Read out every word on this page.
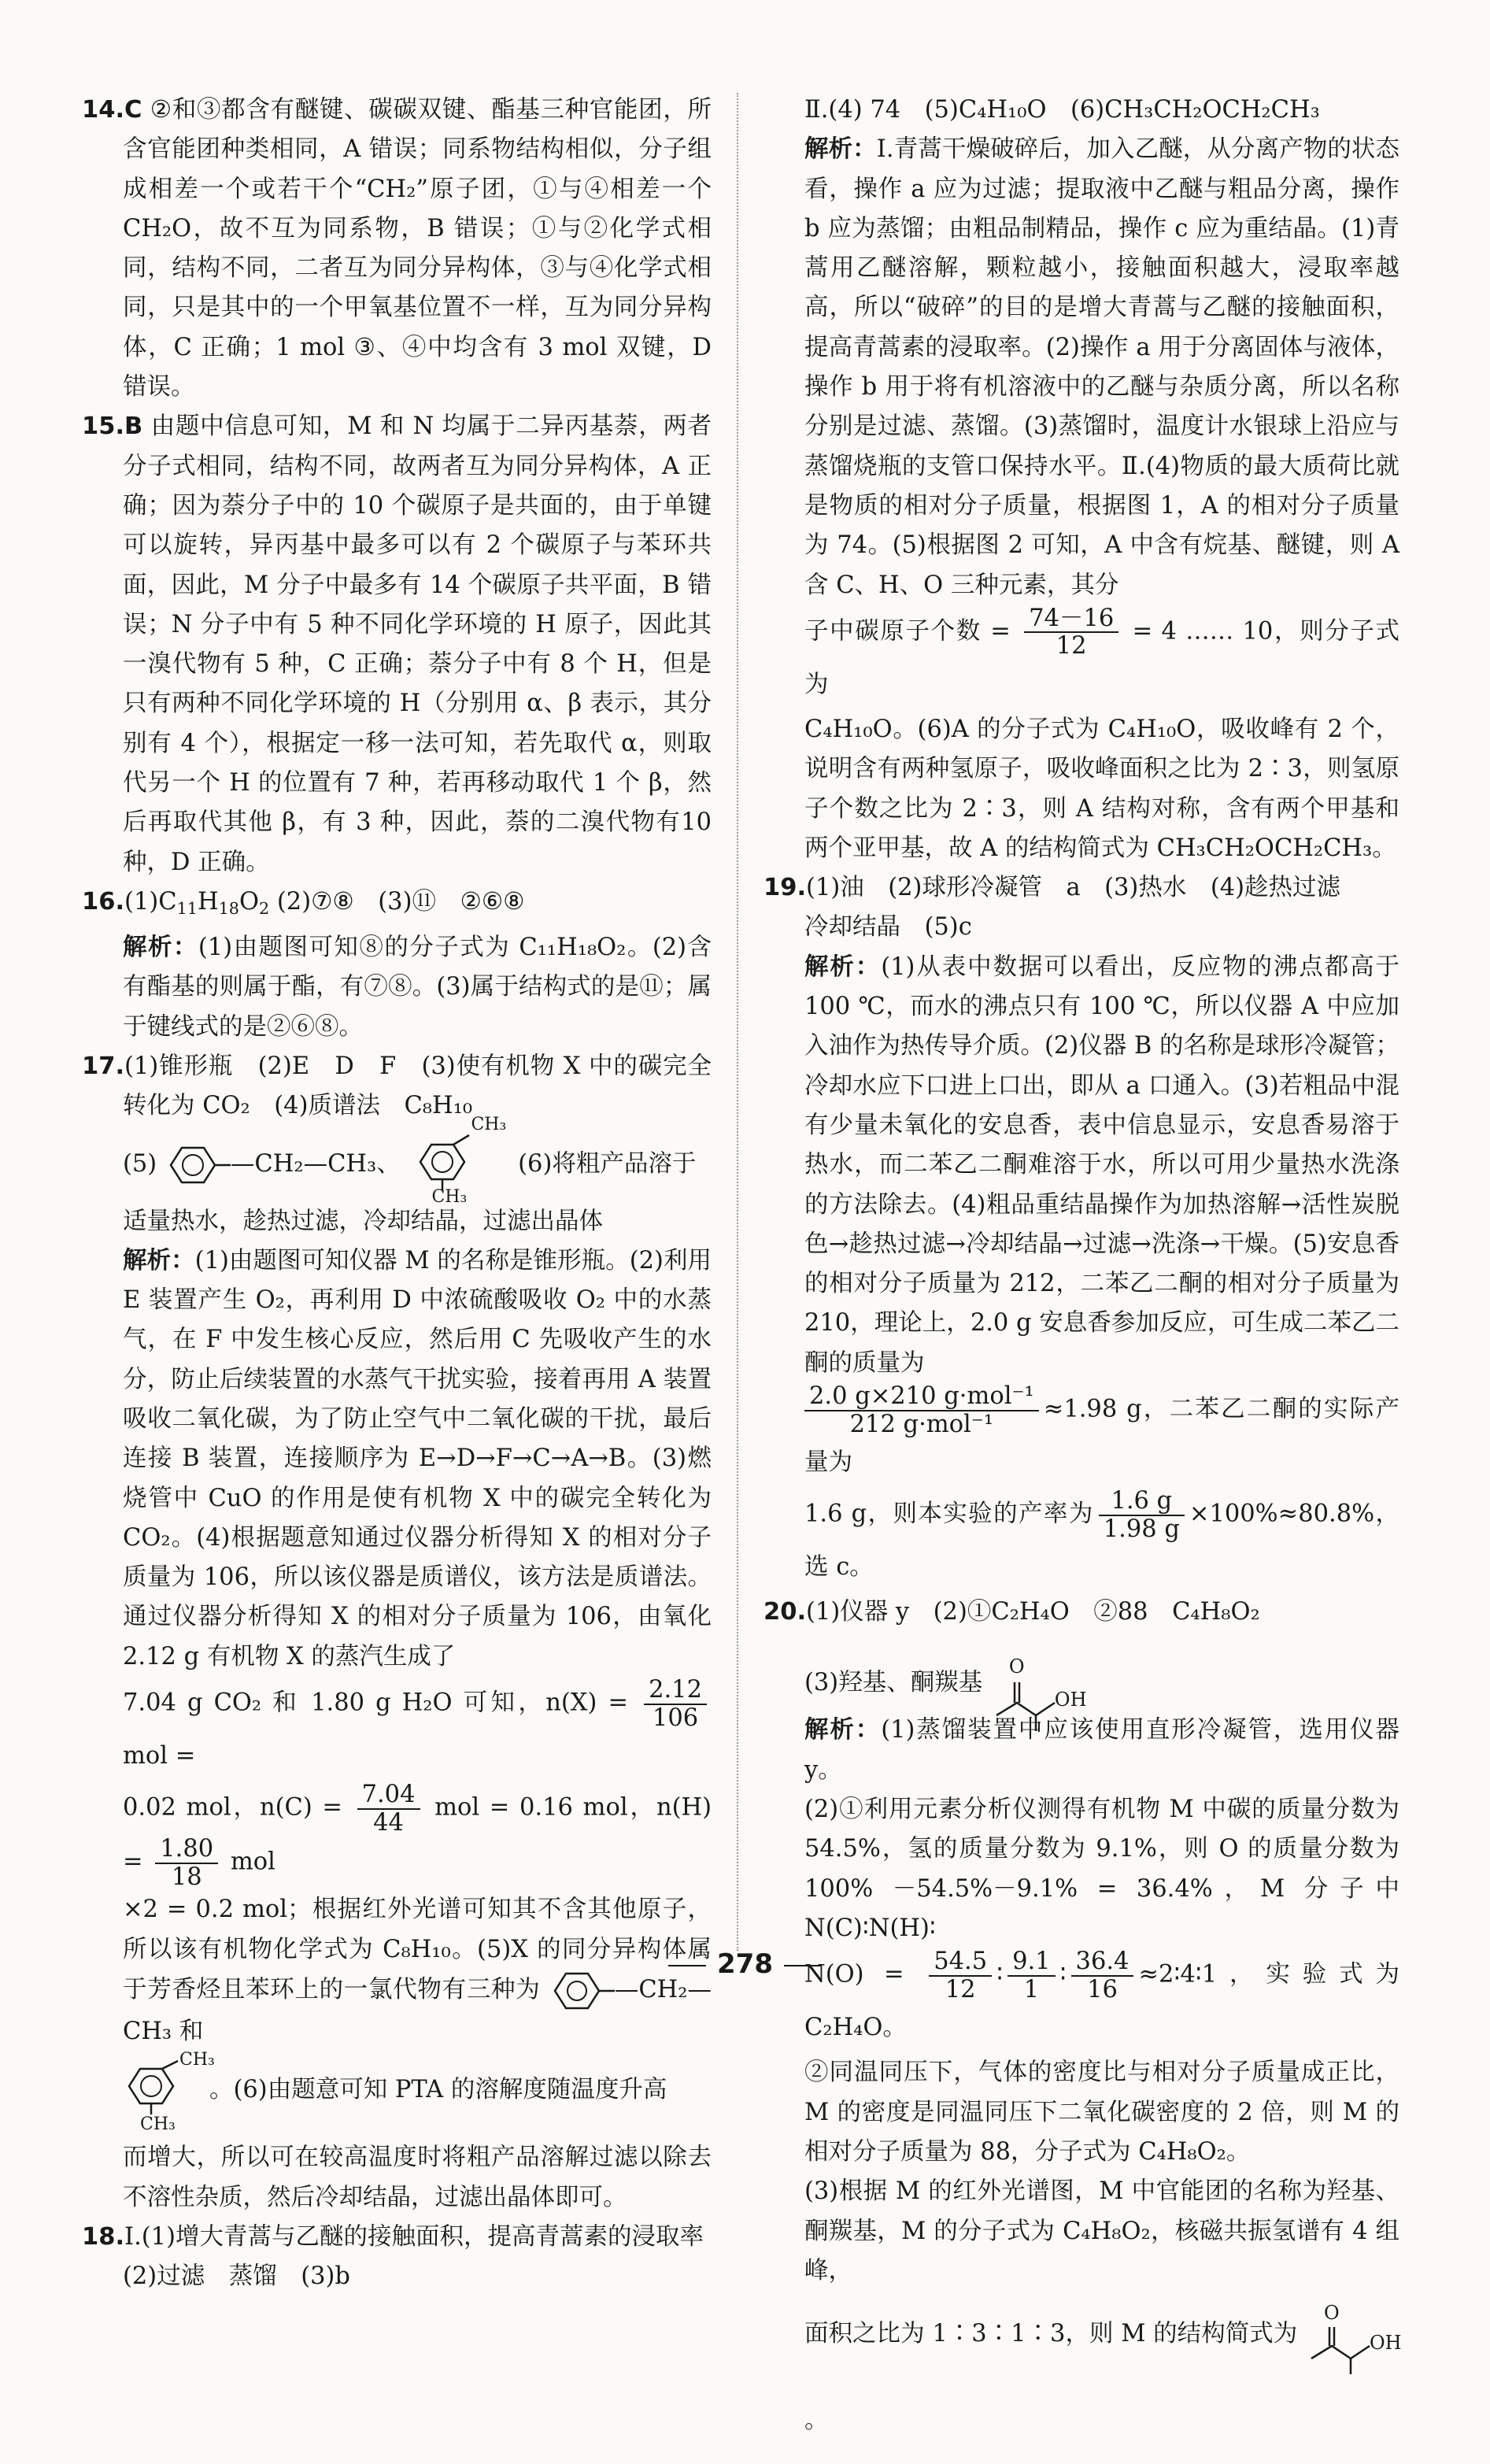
14.C ②和③都含有醚键、碳碳双键、酯基三种官能团，所含官能团种类相同，A 错误；同系物结构相似，分子组成相差一个或若干个“CH₂”原子团，①与④相差一个 CH₂O，故不互为同系物，B 错误；①与②化学式相同，结构不同，二者互为同分异构体，③与④化学式相同，只是其中的一个甲氧基位置不一样，互为同分异构体，C 正确；1 mol ③、④中均含有 3 mol 双键，D 错误。
15.B 由题中信息可知，M 和 N 均属于二异丙基萘，两者分子式相同，结构不同，故两者互为同分异构体，A 正确；因为萘分子中的 10 个碳原子是共面的，由于单键可以旋转，异丙基中最多可以有 2 个碳原子与苯环共面，因此，M 分子中最多有 14 个碳原子共平面，B 错误；N 分子中有 5 种不同化学环境的 H 原子，因此其一溴代物有 5 种，C 正确；萘分子中有 8 个 H，但是只有两种不同化学环境的 H（分别用 α、β 表示，其分别有 4 个），根据定一移一法可知，若先取代 α，则取代另一个 H 的位置有 7 种，若再移动取代 1 个 β，然后再取代其他 β，有 3 种，因此，萘的二溴代物有10 种，D 正确。
$16.(1)C_{11}H_{18}O_2$ (2)⑦⑧　(3)⑪　②⑥⑧
解析：(1)由题图可知⑧的分子式为 C₁₁H₁₈O₂。(2)含有酯基的则属于酯，有⑦⑧。(3)属于结构式的是⑪；属于键线式的是②⑥⑧。
17.(1)锥形瓶　(2)E　D　F　(3)使有机物 X 中的碳完全转化为 CO₂　(4)质谱法　C₈H₁₀
(5)	—CH₂—CH₃、
CH₃
CH₃
(6)将粗产品溶于
适量热水，趁热过滤，冷却结晶，过滤出晶体
解析：(1)由题图可知仪器 M 的名称是锥形瓶。(2)利用 E 装置产生 O₂，再利用 D 中浓硫酸吸收 O₂ 中的水蒸气，在 F 中发生核心反应，然后用 C 先吸收产生的水分，防止后续装置的水蒸气干扰实验，接着再用 A 装置吸收二氧化碳，为了防止空气中二氧化碳的干扰，最后连接 B 装置，连接顺序为 E→D→F→C→A→B。(3)燃烧管中 CuO 的作用是使有机物 X 中的碳完全转化为 CO₂。(4)根据题意知通过仪器分析得知 X 的相对分子质量为 106，所以该仪器是质谱仪，该方法是质谱法。通过仪器分析得知 X 的相对分子质量为 106，由氧化 2.12 g 有机物 X 的蒸汽生成了
7.04 g CO₂ 和 1.80 g H₂O 可知，$n(X) = \frac{2.12}{106}$
mol =
0.02 mol，$n(C) = \frac{7.04}{44}$ mol = 0.16 mol，$n(H) = \frac{1.80}{18}$ mol
×2 = 0.2 mol；根据红外光谱可知其不含其他原子，所以该有机物化学式为 C₈H₁₀。(5)X 的同分异构体属于芳香烃且苯环上的一氯代物有三种为	—CH₂—CH₃ 和
CH₃
CH₃
。(6)由题意可知 PTA 的溶解度随温度升高
而增大，所以可在较高温度时将粗产品溶解过滤以除去不溶性杂质，然后冷却结晶，过滤出晶体即可。
18.Ⅰ.(1)增大青蒿与乙醚的接触面积，提高青蒿素的浸取率
(2)过滤　蒸馏　(3)b
Ⅱ.(4) 74　(5)C₄H₁₀O　(6)CH₃CH₂OCH₂CH₃
解析：Ⅰ.青蒿干燥破碎后，加入乙醚，从分离产物的状态看，操作 a 应为过滤；提取液中乙醚与粗品分离，操作 b 应为蒸馏；由粗品制精品，操作 c 应为重结晶。(1)青蒿用乙醚溶解，颗粒越小，接触面积越大，浸取率越高，所以“破碎”的目的是增大青蒿与乙醚的接触面积，提高青蒿素的浸取率。(2)操作 a 用于分离固体与液体，操作 b 用于将有机溶液中的乙醚与杂质分离，所以名称分别是过滤、蒸馏。(3)蒸馏时，温度计水银球上沿应与蒸馏烧瓶的支管口保持水平。Ⅱ.(4)物质的最大质荷比就是物质的相对分子质量，根据图 1，A 的相对分子质量为 74。(5)根据图 2 可知，A 中含有烷基、醚键，则 A 含 C、H、O 三种元素，其分
子中碳原子个数 = $\frac{74-16}{12} = 4$ …… 10，则分子式为
C₄H₁₀O。(6)A 的分子式为 C₄H₁₀O，吸收峰有 2 个，说明含有两种氢原子，吸收峰面积之比为 2∶3，则氢原子个数之比为 2∶3，则 A 结构对称，含有两个甲基和两个亚甲基，故 A 的结构简式为 CH₃CH₂OCH₂CH₃。
19.(1)油　(2)球形冷凝管　a　(3)热水　(4)趁热过滤
冷却结晶　(5)c
解析：(1)从表中数据可以看出，反应物的沸点都高于 100 ℃，而水的沸点只有 100 ℃，所以仪器 A 中应加入油作为热传导介质。(2)仪器 B 的名称是球形冷凝管；冷却水应下口进上口出，即从 a 口通入。(3)若粗品中混有少量未氧化的安息香，表中信息显示，安息香易溶于热水，而二苯乙二酮难溶于水，所以可用少量热水洗涤的方法除去。(4)粗品重结晶操作为加热溶解→活性炭脱色→趁热过滤→冷却结晶→过滤→洗涤→干燥。(5)安息香的相对分子质量为 212，二苯乙二酮的相对分子质量为 210，理论上，2.0 g 安息香参加反应，可生成二苯乙二酮的质量为
$\frac{\text{2.0 g×210 g·mol⁻¹}}{\text{212 g·mol⁻¹}} \approx 1.98$ g，二苯乙二酮的实际产量为
1.6 g，则本实验的产率为 $\frac{1.6 g}{1.98 g} \times 100\%\approx 80.8\%$，选 c。
20.(1)仪器 y　(2)①C₂H₄O　②88　C₄H₈O₂
(3)羟基、酮羰基
O
OH
解析：(1)蒸馏装置中应该使用直形冷凝管，选用仪器 y。
(2)①利用元素分析仪测得有机物 M 中碳的质量分数为 54.5%，氢的质量分数为 9.1%，则 O 的质量分数为 100% －54.5%－9.1% = 36.4%，M 分子中 N(C)∶N(H)∶
$N(O) = \frac{54.5}{12}$ ∶ $\frac{9.1}{1}$ ∶ $\frac{36.4}{16}$ ≈2∶4∶1，实验式为 C₂H₄O。
②同温同压下，气体的密度比与相对分子质量成正比，M 的密度是同温同压下二氧化碳密度的 2 倍，则 M 的相对分子质量为 88，分子式为 C₄H₈O₂。
(3)根据 M 的红外光谱图，M 中官能团的名称为羟基、酮羰基，M 的分子式为 C₄H₈O₂，核磁共振氢谱有 4 组峰，
面积之比为 1∶3∶1∶3，则 M 的结构简式为
O
OH
。
278
